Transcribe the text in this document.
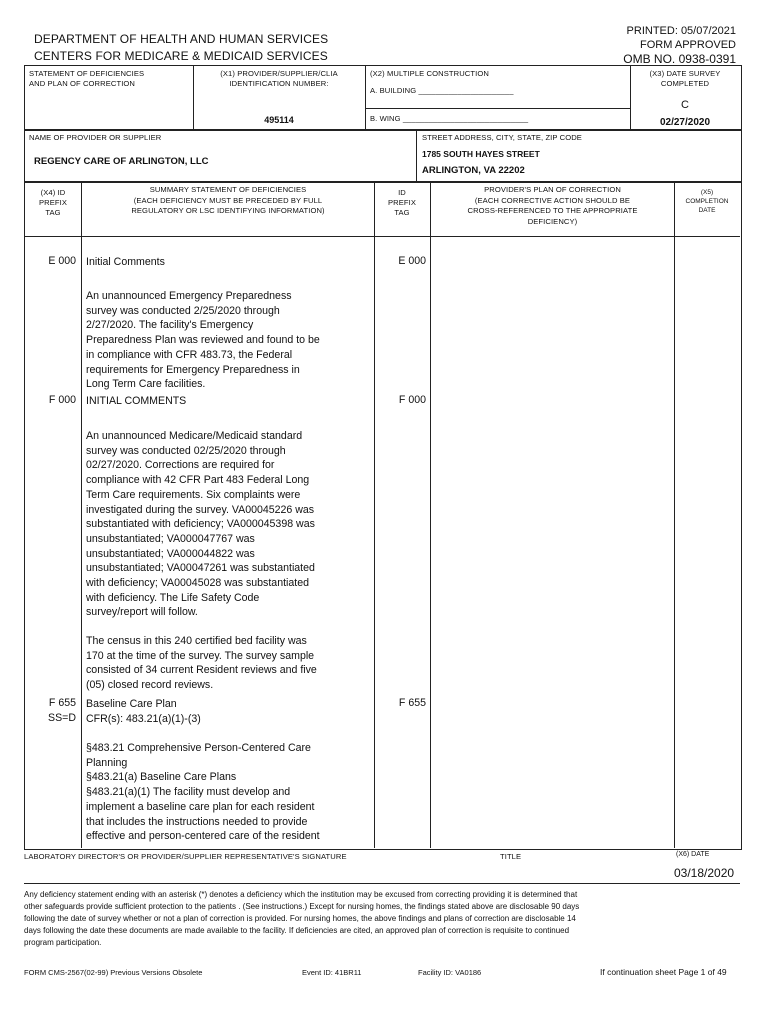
DEPARTMENT OF HEALTH AND HUMAN SERVICES
CENTERS FOR MEDICARE & MEDICAID SERVICES
PRINTED: 05/07/2021
FORM APPROVED
OMB NO. 0938-0391
STATEMENT OF DEFICIENCIES
AND PLAN OF CORRECTION
(X1) PROVIDER/SUPPLIER/CLIA
IDENTIFICATION NUMBER:
495114
(X2) MULTIPLE CONSTRUCTION
A. BUILDING ______________________
B. WING _____________________________
(X3) DATE SURVEY
COMPLETED
C
02/27/2020
NAME OF PROVIDER OR SUPPLIER
REGENCY CARE OF ARLINGTON, LLC
STREET ADDRESS, CITY, STATE, ZIP CODE
1785 SOUTH HAYES STREET
ARLINGTON, VA 22202
(X4) ID
PREFIX
TAG
SUMMARY STATEMENT OF DEFICIENCIES
(EACH DEFICIENCY MUST BE PRECEDED BY FULL
REGULATORY OR LSC IDENTIFYING INFORMATION)
ID
PREFIX
TAG
PROVIDER'S PLAN OF CORRECTION
(EACH CORRECTIVE ACTION SHOULD BE
CROSS-REFERENCED TO THE APPROPRIATE
DEFICIENCY)
(X5)
COMPLETION
DATE
E 000 Initial Comments	E 000
An unannounced Emergency Preparedness
survey was conducted 2/25/2020 through
2/27/2020. The facility's Emergency
Preparedness Plan was reviewed and found to be
in compliance with CFR 483.73, the Federal
requirements for Emergency Preparedness in
Long Term Care facilities.
F 000 INITIAL COMMENTS	F 000
An unannounced Medicare/Medicaid standard
survey was conducted 02/25/2020 through
02/27/2020. Corrections are required for
compliance with 42 CFR Part 483 Federal Long
Term Care requirements. Six complaints were
investigated during the survey. VA00045226 was
substantiated with deficiency; VA000045398 was
unsubstantiated; VA000047767 was
unsubstantiated; VA000044822 was
unsubstantiated; VA00047261 was substantiated
with deficiency; VA00045028 was substantiated
with deficiency. The Life Safety Code
survey/report will follow.
The census in this 240 certified bed facility was
170 at the time of the survey. The survey sample
consisted of 34 current Resident reviews and five
(05) closed record reviews.
F 655
SS=D
Baseline Care Plan
CFR(s): 483.21(a)(1)-(3)
F 655
§483.21 Comprehensive Person-Centered Care
Planning
§483.21(a) Baseline Care Plans
§483.21(a)(1) The facility must develop and
implement a baseline care plan for each resident
that includes the instructions needed to provide
effective and person-centered care of the resident
LABORATORY DIRECTOR'S OR PROVIDER/SUPPLIER REPRESENTATIVE'S SIGNATURE	TITLE	(X6) DATE
03/18/2020
Any deficiency statement ending with an asterisk (*) denotes a deficiency which the institution may be excused from correcting providing it is determined that
other safeguards provide sufficient protection to the patients . (See instructions.) Except for nursing homes, the findings stated above are disclosable 90 days
following the date of survey whether or not a plan of correction is provided. For nursing homes, the above findings and plans of correction are disclosable 14
days following the date these documents are made available to the facility. If deficiencies are cited, an approved plan of correction is requisite to continued
program participation.
FORM CMS-2567(02-99) Previous Versions Obsolete	Event ID: 41BR11	Facility ID: VA0186	If continuation sheet Page 1 of 49
